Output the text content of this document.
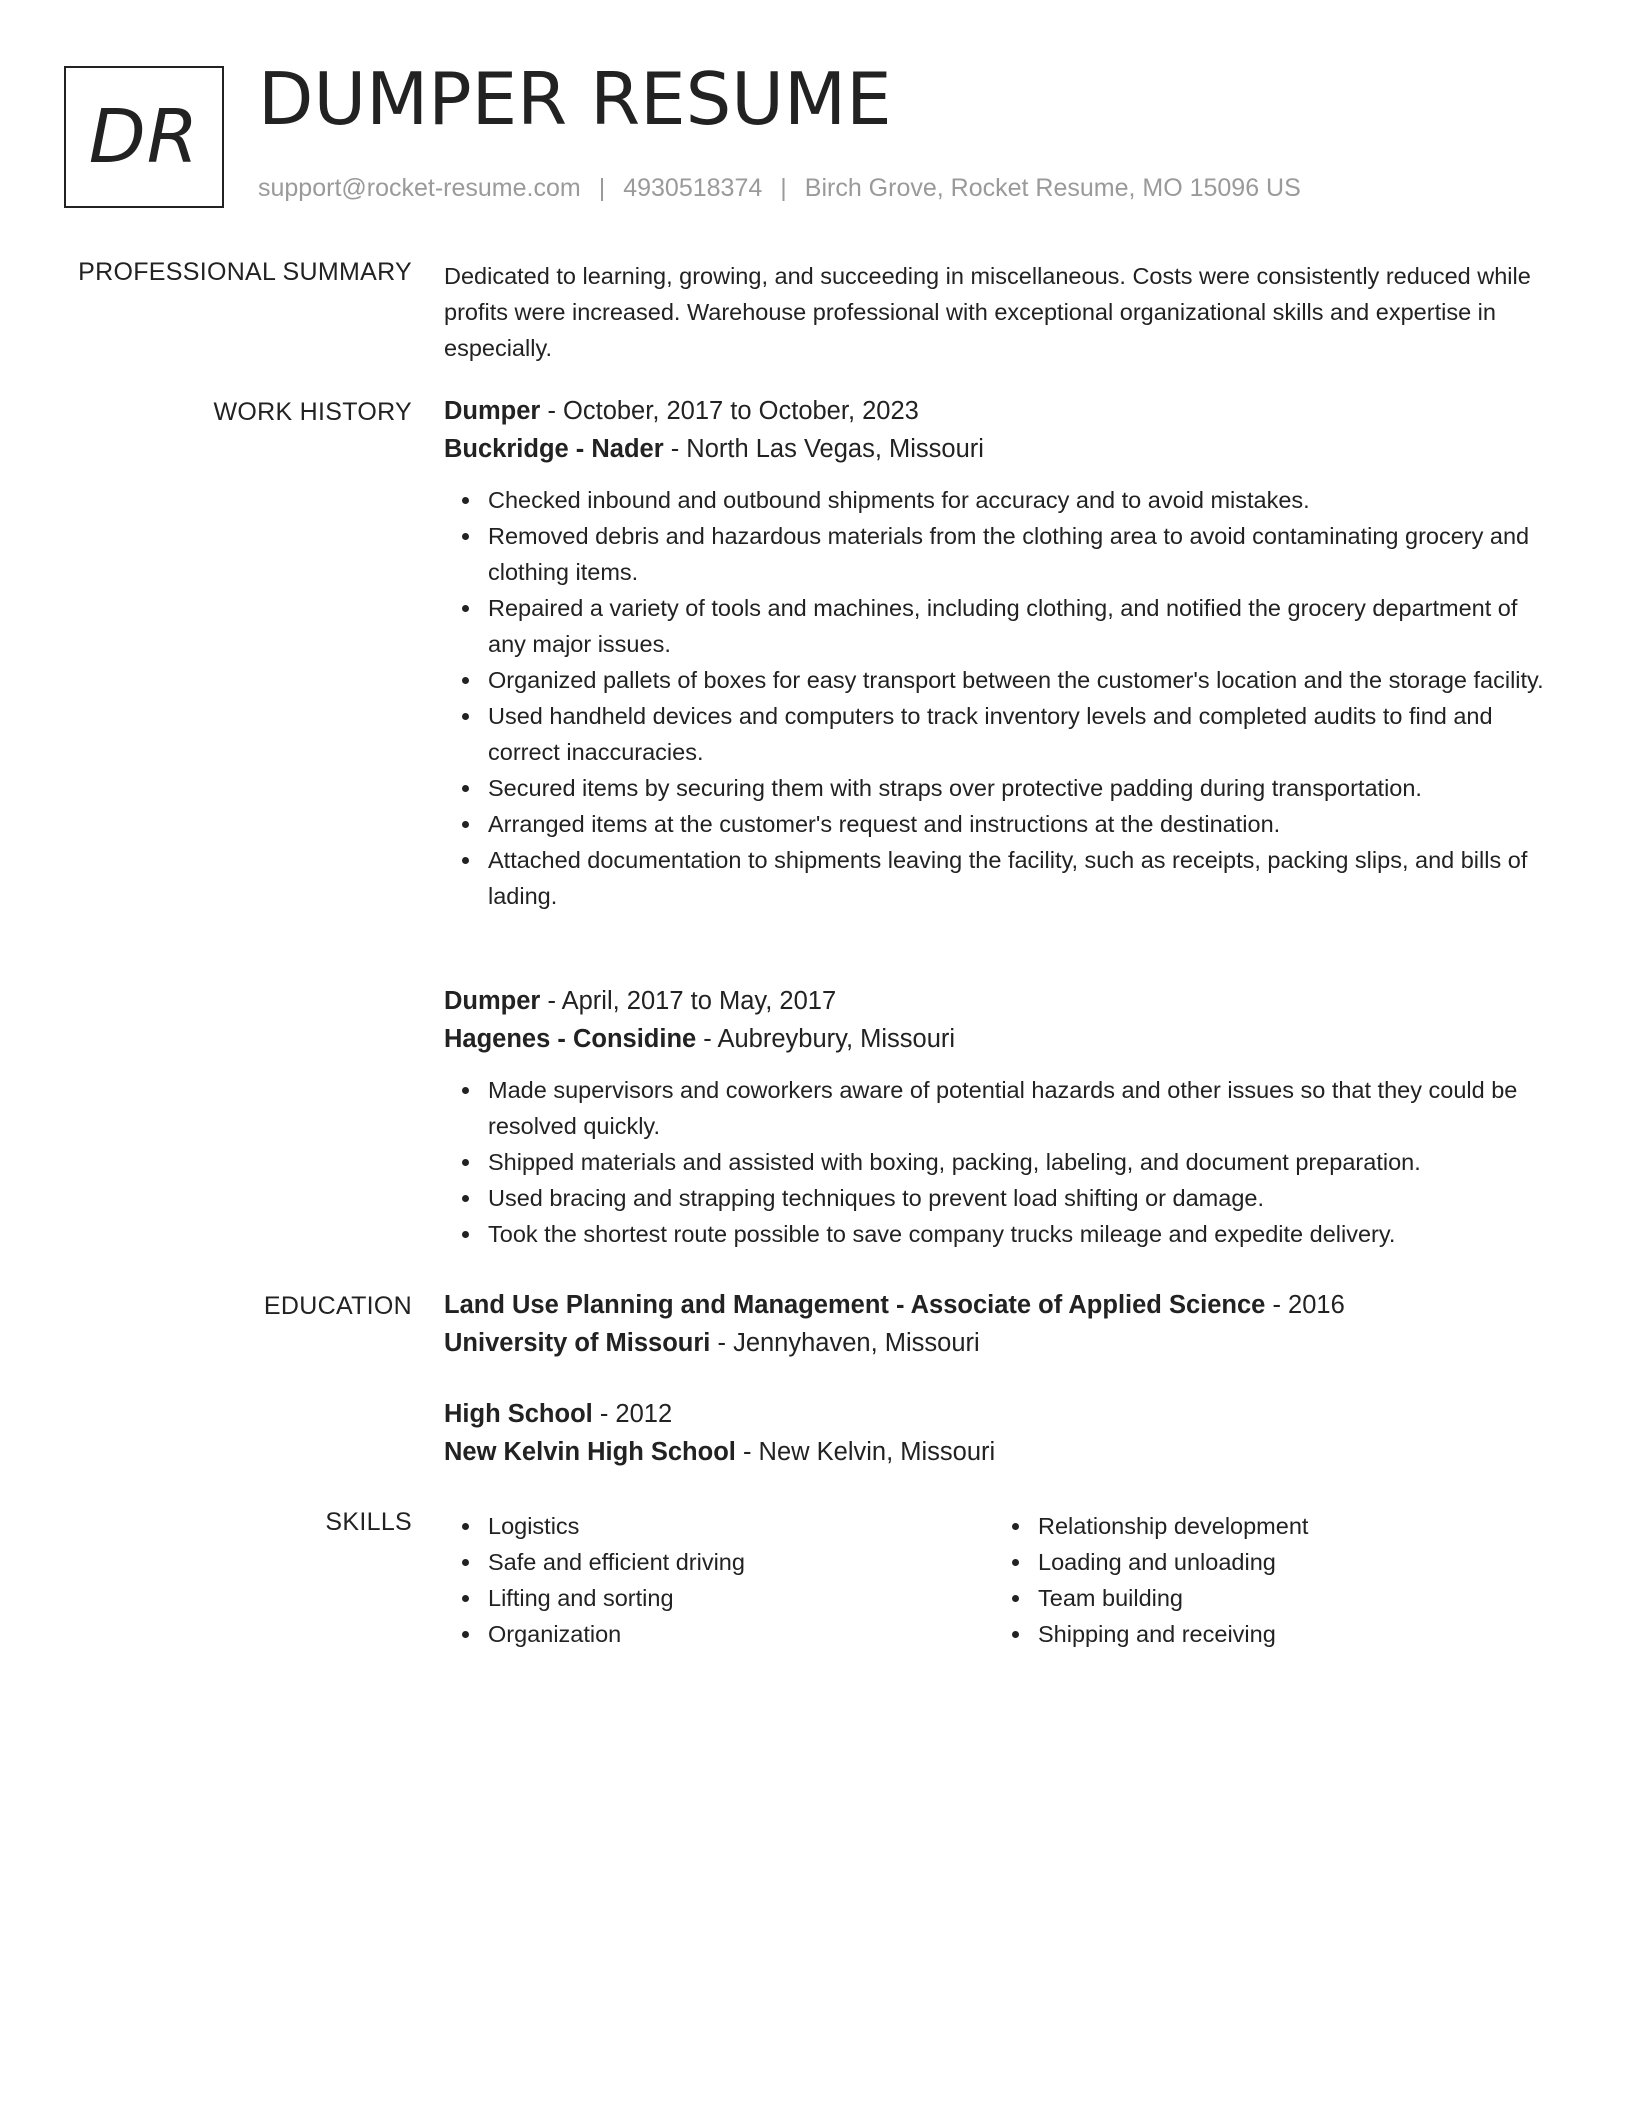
DR DUMPER RESUME
support@rocket-resume.com | 4930518374 | Birch Grove, Rocket Resume, MO 15096 US
PROFESSIONAL SUMMARY Dedicated to learning, growing, and succeeding in miscellaneous. Costs were consistently reduced while profits were increased. Warehouse professional with exceptional organizational skills and expertise in especially.

WORK HISTORY Dumper - October, 2017 to October, 2023
Buckridge - Nader - North Las Vegas, Missouri
Checked inbound and outbound shipments for accuracy and to avoid mistakes.
Removed debris and hazardous materials from the clothing area to avoid contaminating grocery and clothing items.
Repaired a variety of tools and machines, including clothing, and notified the grocery department of any major issues.
Organized pallets of boxes for easy transport between the customer's location and the storage facility.
Used handheld devices and computers to track inventory levels and completed audits to find and correct inaccuracies.
Secured items by securing them with straps over protective padding during transportation.
Arranged items at the customer's request and instructions at the destination.
Attached documentation to shipments leaving the facility, such as receipts, packing slips, and bills of lading.
Dumper - April, 2017 to May, 2017
Hagenes - Considine - Aubreybury, Missouri
Made supervisors and coworkers aware of potential hazards and other issues so that they could be resolved quickly.
Shipped materials and assisted with boxing, packing, labeling, and document preparation.
Used bracing and strapping techniques to prevent load shifting or damage.
Took the shortest route possible to save company trucks mileage and expedite delivery.
EDUCATION Land Use Planning and Management - Associate of Applied Science - 2016
University of Missouri - Jennyhaven, Missouri
High School - 2012
New Kelvin High School - New Kelvin, Missouri
SKILLS	Logistics
Safe and efficient driving
Lifting and sorting
Organization
Relationship development
Loading and unloading
Team building
Shipping and receiving
